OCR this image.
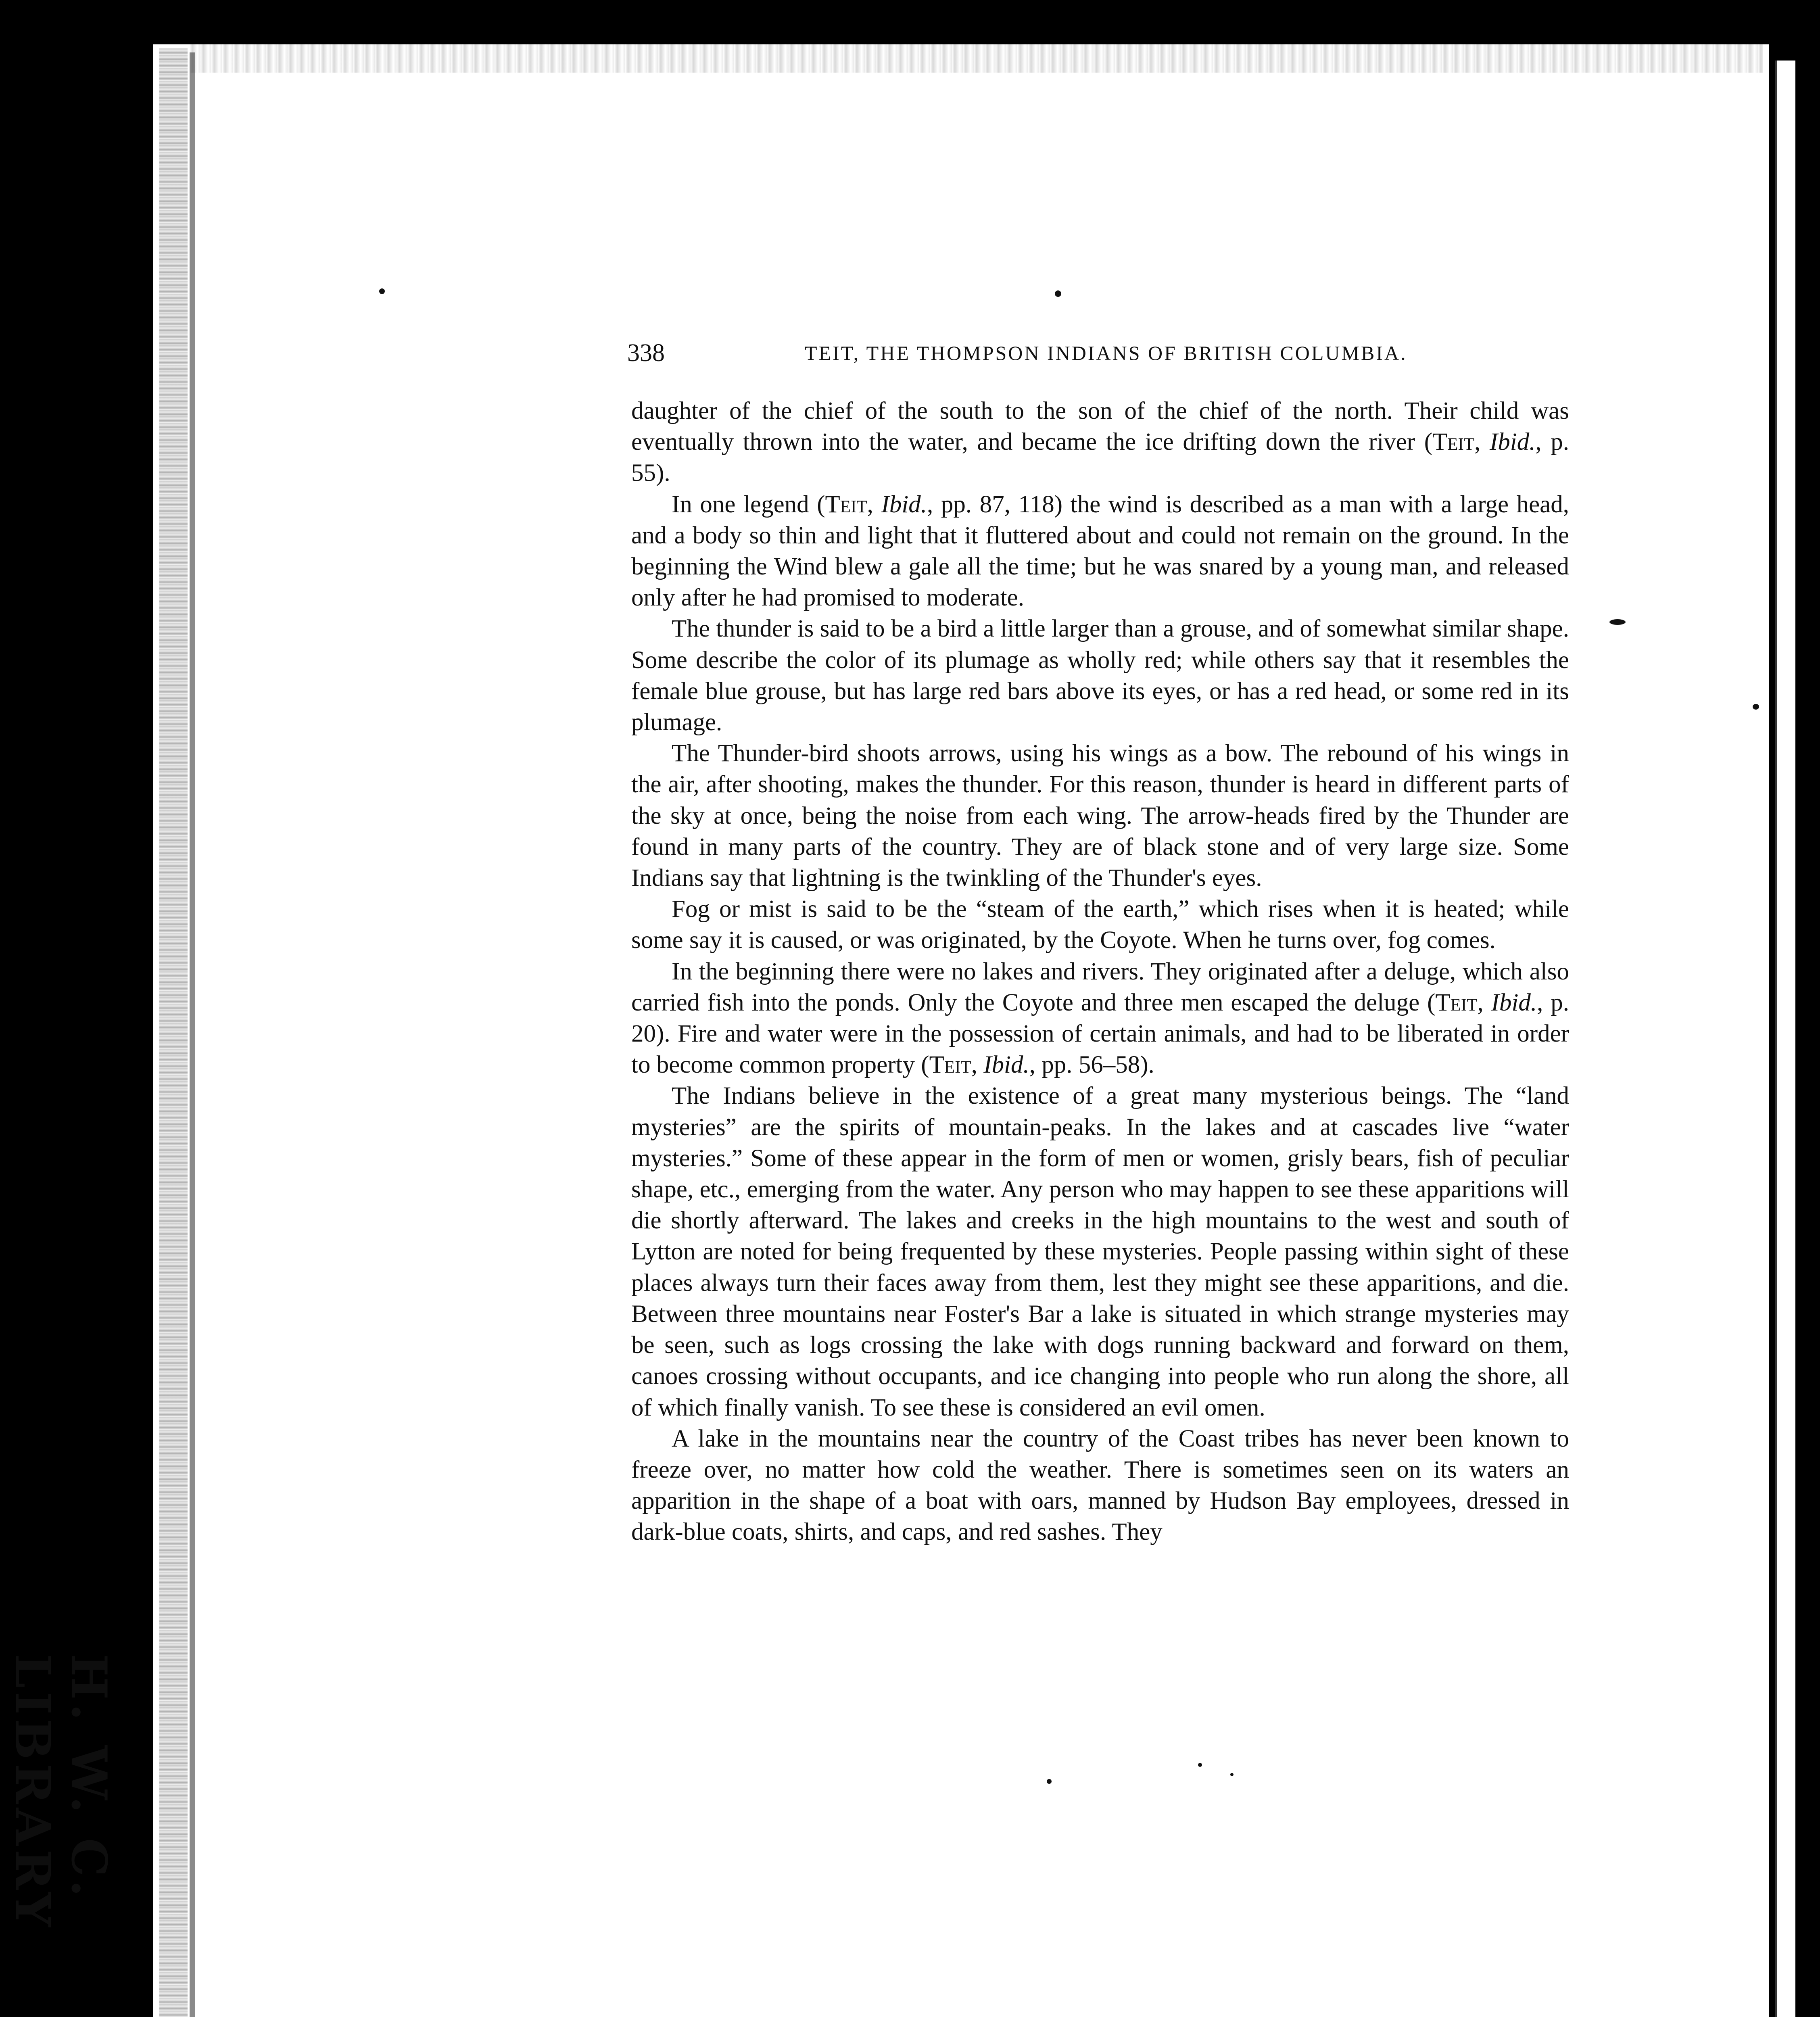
H. W. C. LIBRARY
338	TEIT, THE THOMPSON INDIANS OF BRITISH COLUMBIA.

daughter of the chief of the south to the son of the chief of the north. Their child was eventually thrown into the water, and became the ice drifting down the river (Teit, Ibid., p. 55).

In one legend (Teit, Ibid., pp. 87, 118) the wind is described as a man with a large head, and a body so thin and light that it fluttered about and could not remain on the ground. In the beginning the Wind blew a gale all the time; but he was snared by a young man, and released only after he had promised to moderate.

The thunder is said to be a bird a little larger than a grouse, and of somewhat similar shape. Some describe the color of its plumage as wholly red; while others say that it resembles the female blue grouse, but has large red bars above its eyes, or has a red head, or some red in its plumage.

The Thunder-bird shoots arrows, using his wings as a bow. The rebound of his wings in the air, after shooting, makes the thunder. For this reason, thunder is heard in different parts of the sky at once, being the noise from each wing. The arrow-heads fired by the Thunder are found in many parts of the country. They are of black stone and of very large size. Some Indians say that lightning is the twinkling of the Thunder's eyes.

Fog or mist is said to be the “steam of the earth,” which rises when it is heated; while some say it is caused, or was originated, by the Coyote. When he turns over, fog comes.

In the beginning there were no lakes and rivers. They originated after a deluge, which also carried fish into the ponds. Only the Coyote and three men escaped the deluge (Teit, Ibid., p. 20). Fire and water were in the possession of certain animals, and had to be liberated in order to become common property (Teit, Ibid., pp. 56–58).

The Indians believe in the existence of a great many mysterious beings. The “land mysteries” are the spirits of mountain-peaks. In the lakes and at cascades live “water mysteries.” Some of these appear in the form of men or women, grisly bears, fish of peculiar shape, etc., emerging from the water. Any person who may happen to see these apparitions will die shortly afterward. The lakes and creeks in the high mountains to the west and south of Lytton are noted for being frequented by these mysteries. People passing within sight of these places always turn their faces away from them, lest they might see these apparitions, and die. Between three mountains near Foster's Bar a lake is situated in which strange mysteries may be seen, such as logs crossing the lake with dogs running backward and forward on them, canoes crossing without occupants, and ice changing into people who run along the shore, all of which finally vanish. To see these is considered an evil omen.

A lake in the mountains near the country of the Coast tribes has never been known to freeze over, no matter how cold the weather. There is sometimes seen on its waters an apparition in the shape of a boat with oars, manned by Hudson Bay employees, dressed in dark-blue coats, shirts, and caps, and red sashes. They
